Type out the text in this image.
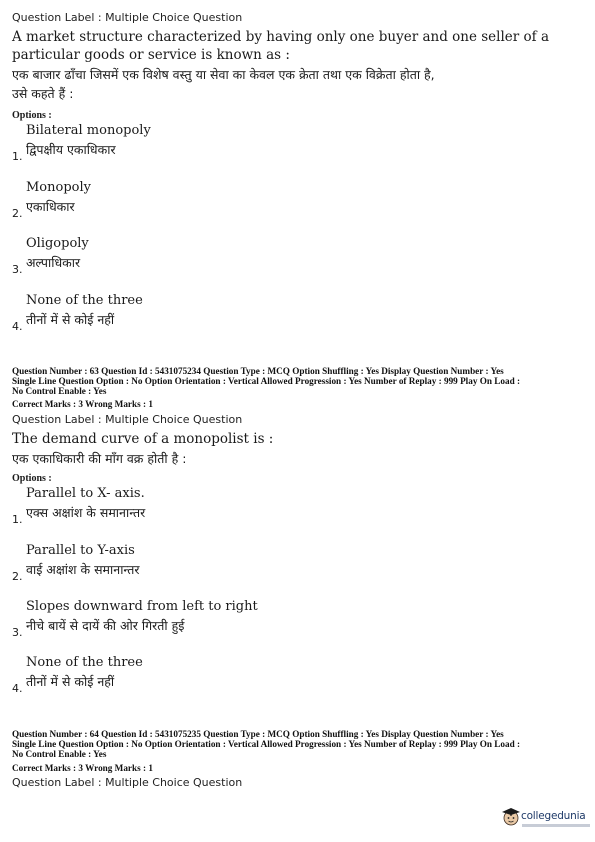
Question Label : Multiple Choice Question
A market structure characterized by having only one buyer and one seller of a
particular goods or service is known as :
एक बाजार ढाँचा जिसमें एक विशेष वस्तु या सेवा का केवल एक क्रेता तथा एक विक्रेता होता है,
उसे कहते हैं :
Options :
Bilateral monopoly
द्विपक्षीय एकाधिकार
1.
Monopoly
एकाधिकार
2.
Oligopoly
अल्पाधिकार
3.
None of the three
तीनों में से कोई नहीं
4.
Question Number : 63 Question Id : 5431075234 Question Type : MCQ Option Shuffling : Yes Display Question Number : Yes
Single Line Question Option : No Option Orientation : Vertical Allowed Progression : Yes Number of Replay : 999 Play On Load :
No Control Enable : Yes
Correct Marks : 3 Wrong Marks : 1
Question Label : Multiple Choice Question
The demand curve of a monopolist is :
एक एकाधिकारी की माँग वक्र होती है :
Options :
Parallel to X- axis.
एक्स अक्षांश के समानान्तर
1.
Parallel to Y-axis
वाई अक्षांश के समानान्तर
2.
Slopes downward from left to right
नीचे बायें से दायें की ओर गिरती हुई
3.
None of the three
तीनों में से कोई नहीं
4.
Question Number : 64 Question Id : 5431075235 Question Type : MCQ Option Shuffling : Yes Display Question Number : Yes
Single Line Question Option : No Option Orientation : Vertical Allowed Progression : Yes Number of Replay : 999 Play On Load :
No Control Enable : Yes
Correct Marks : 3 Wrong Marks : 1
Question Label : Multiple Choice Question
collegedunia
